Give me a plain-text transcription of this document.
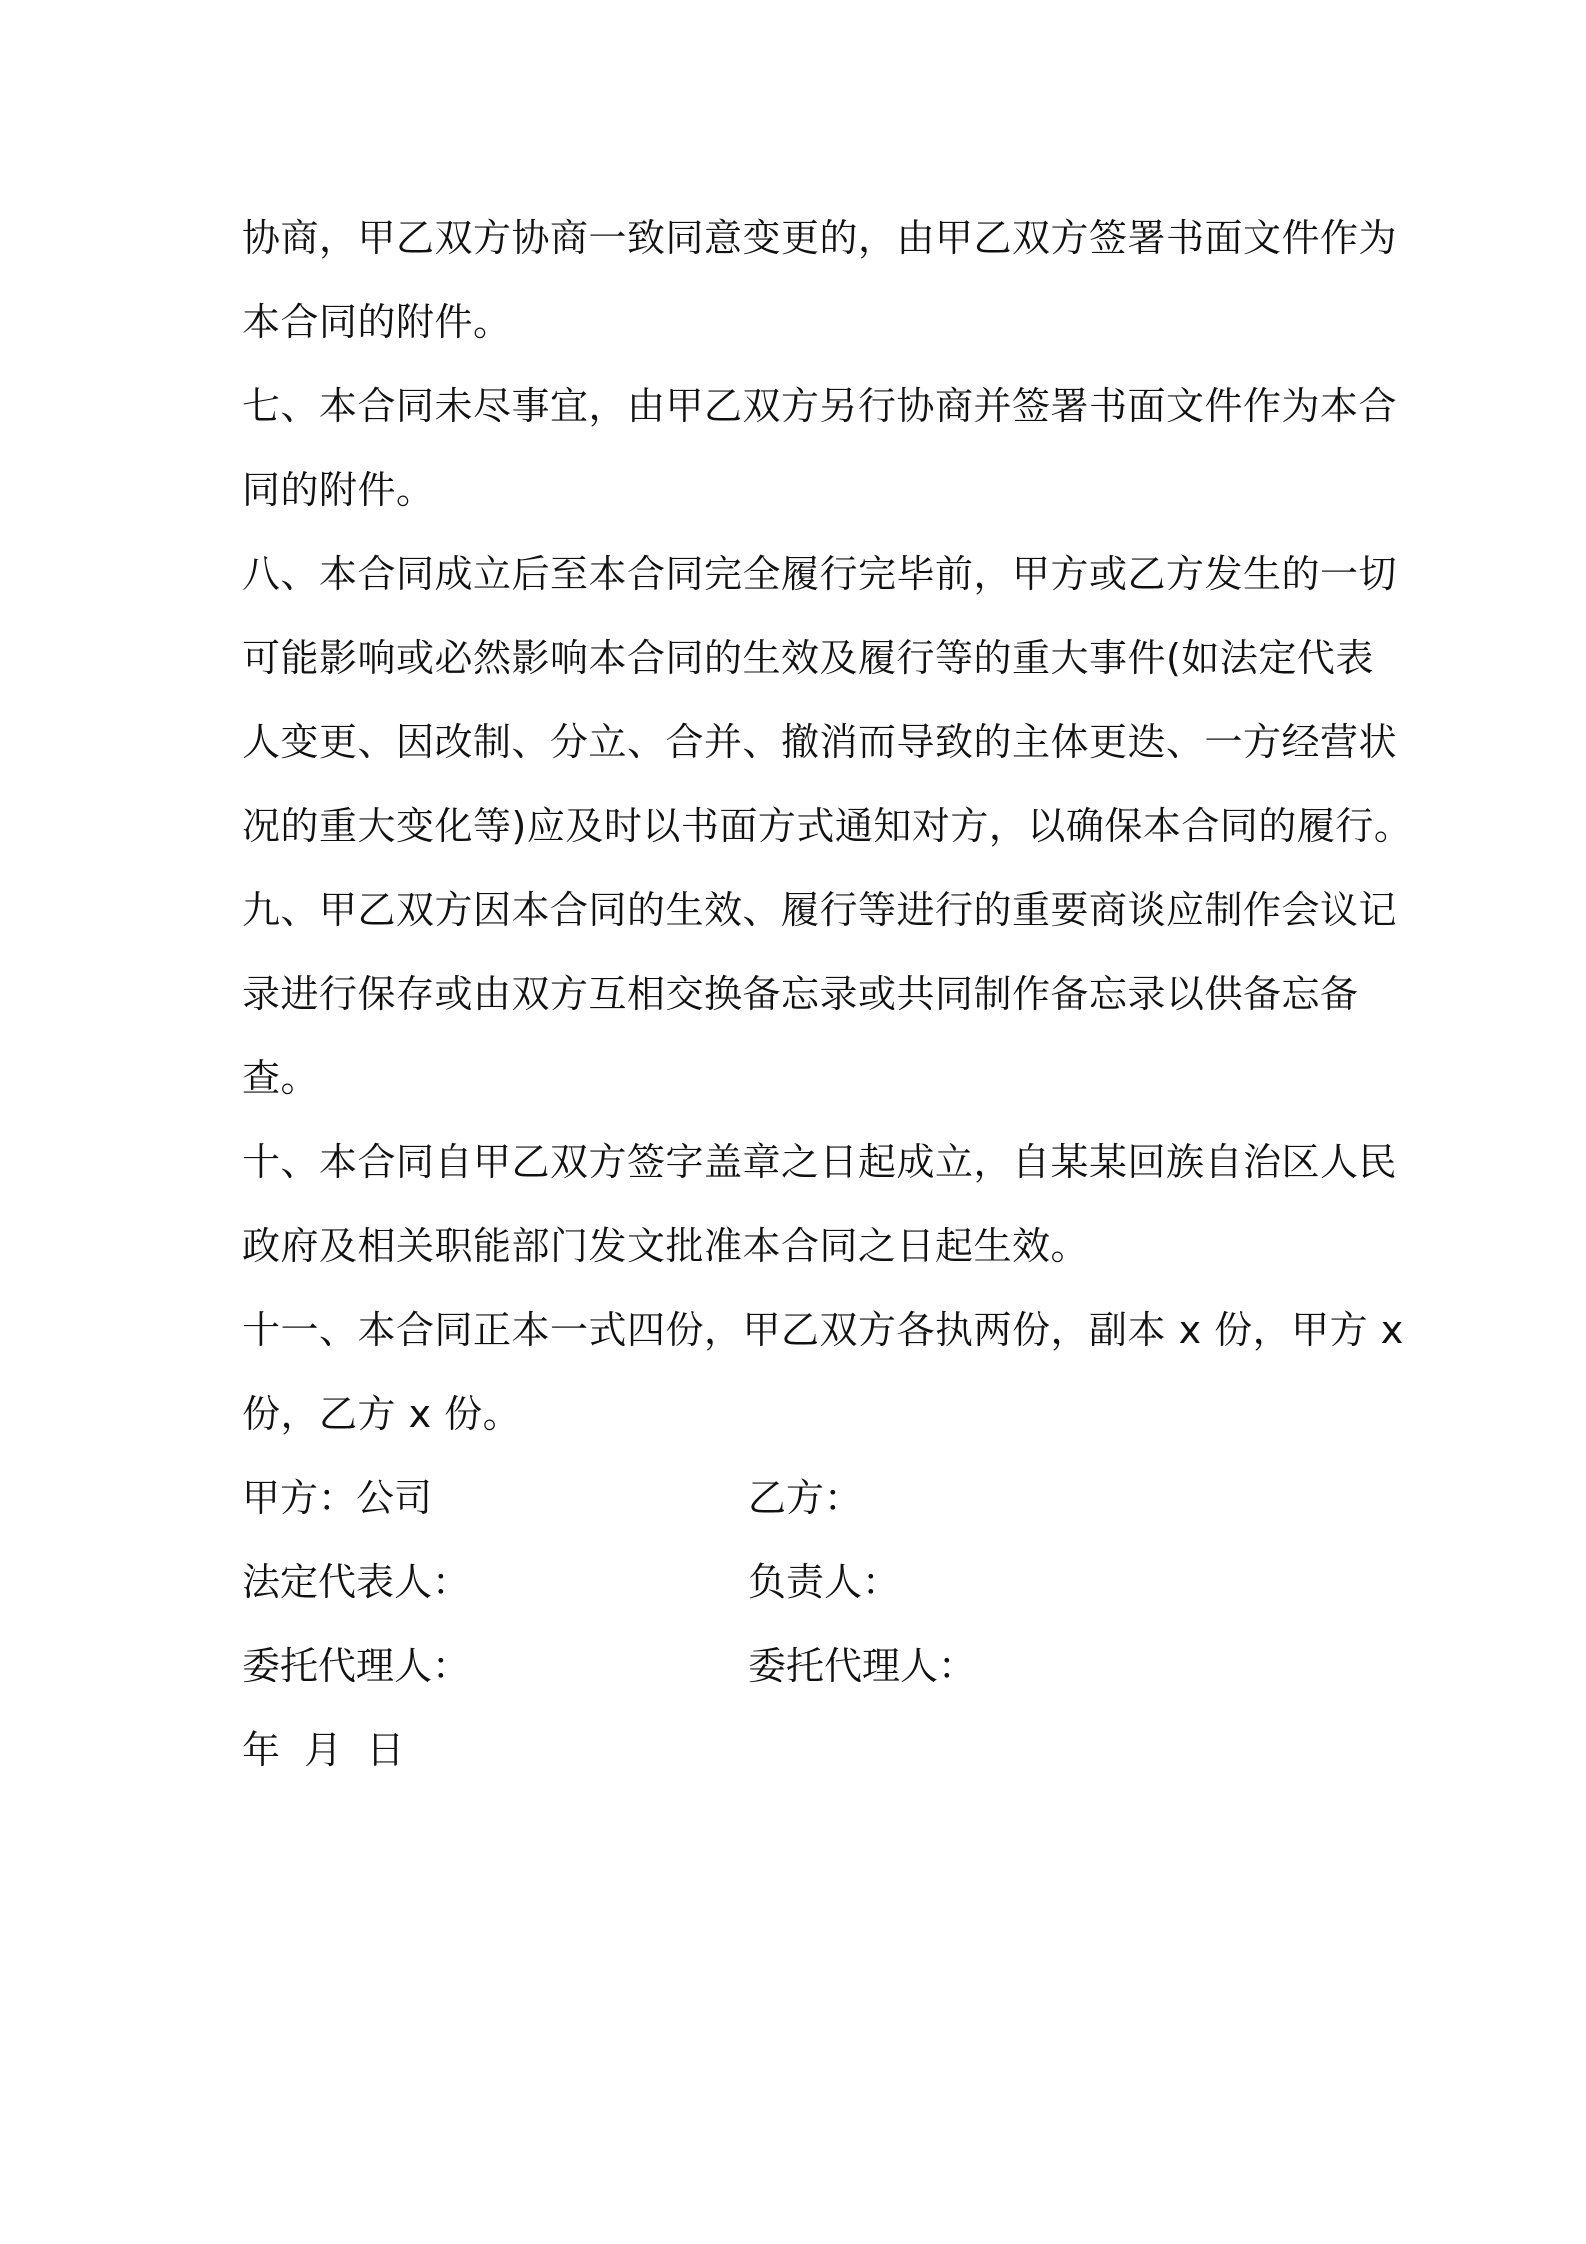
协商，甲乙双方协商一致同意变更的，由甲乙双方签署书面文件作为
本合同的附件。
七、本合同未尽事宜，由甲乙双方另行协商并签署书面文件作为本合
同的附件。
八、本合同成立后至本合同完全履行完毕前，甲方或乙方发生的一切
可能影响或必然影响本合同的生效及履行等的重大事件(如法定代表
人变更、因改制、分立、合并、撤消而导致的主体更迭、一方经营状
况的重大变化等)应及时以书面方式通知对方，以确保本合同的履行。
九、甲乙双方因本合同的生效、履行等进行的重要商谈应制作会议记
录进行保存或由双方互相交换备忘录或共同制作备忘录以供备忘备
查。
十、本合同自甲乙双方签字盖章之日起成立，自某某回族自治区人民
政府及相关职能部门发文批准本合同之日起生效。
十一、本合同正本一式四份，甲乙双方各执两份，副本 x 份，甲方 x
份，乙方 x 份。
甲方：公司	乙方：
法定代表人：	负责人：
委托代理人：	委托代理人：

年  月  日
